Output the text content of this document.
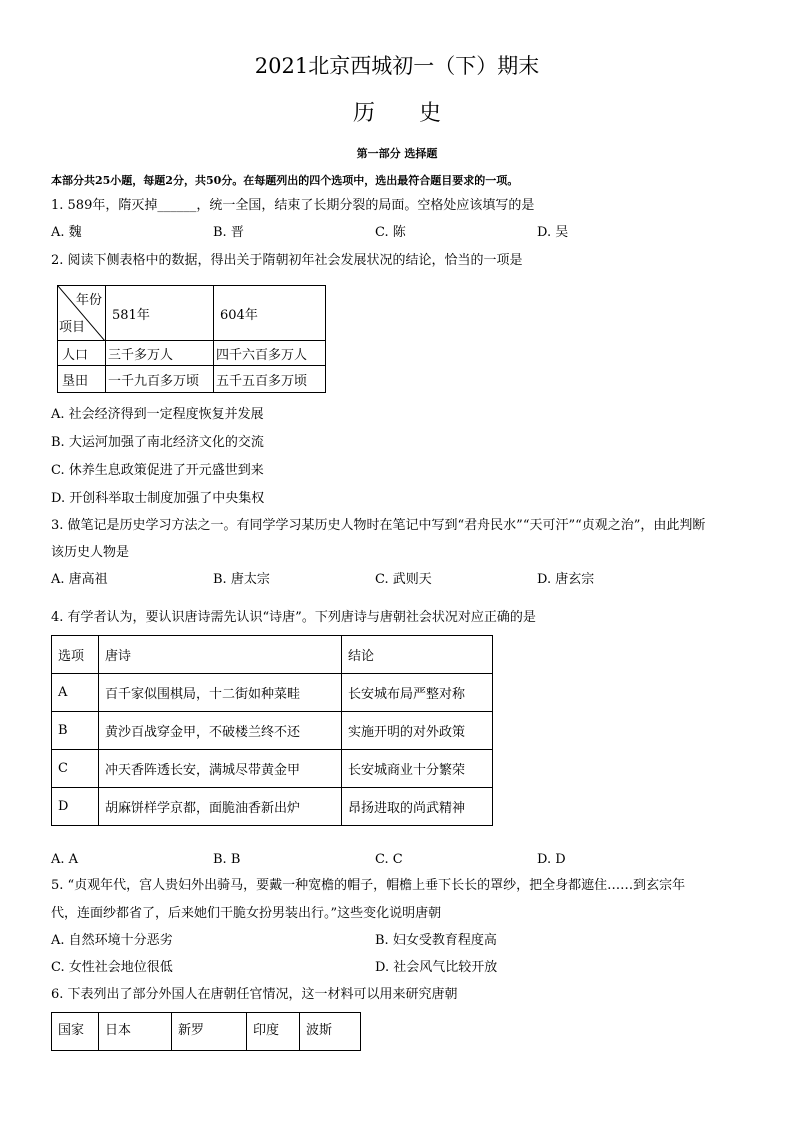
2021北京西城初一（下）期末
历史
第一部分 选择题
本部分共25小题，每题2分，共50分。在每题列出的四个选项中，选出最符合题目要求的一项。
1. 589年，隋灭掉______，统一全国，结束了长期分裂的局面。空格处应该填写的是
A. 魏	B. 晋	C. 陈	D. 吴
2. 阅读下侧表格中的数据，得出关于隋朝初年社会发展状况的结论，恰当的一项是
年份
项目	581年	604年
人口	三千多万人	四千六百多万人
垦田	一千九百多万顷	五千五百多万顷
A. 社会经济得到一定程度恢复并发展
B. 大运河加强了南北经济文化的交流
C. 休养生息政策促进了开元盛世到来
D. 开创科举取士制度加强了中央集权
3. 做笔记是历史学习方法之一。有同学学习某历史人物时在笔记中写到“君舟民水”“天可汗”“贞观之治”，由此判断
该历史人物是
A. 唐高祖	B. 唐太宗	C. 武则天	D. 唐玄宗
4. 有学者认为，要认识唐诗需先认识“诗唐”。下列唐诗与唐朝社会状况对应正确的是
选项	唐诗	结论
A	百千家似围棋局，十二街如种菜畦	长安城布局严整对称
B	黄沙百战穿金甲，不破楼兰终不还	实施开明的对外政策
C	冲天香阵透长安，满城尽带黄金甲	长安城商业十分繁荣
D	胡麻饼样学京都，面脆油香新出炉	昂扬进取的尚武精神
A. A	B. B	C. C	D. D
5. “贞观年代，宫人贵妇外出骑马，要戴一种宽檐的帽子，帽檐上垂下长长的罩纱，把全身都遮住……到玄宗年
代，连面纱都省了，后来她们干脆女扮男装出行。”这些变化说明唐朝
A. 自然环境十分恶劣	B. 妇女受教育程度高
C. 女性社会地位很低	D. 社会风气比较开放
6. 下表列出了部分外国人在唐朝任官情况，这一材料可以用来研究唐朝
国家	日本	新罗	印度	波斯
